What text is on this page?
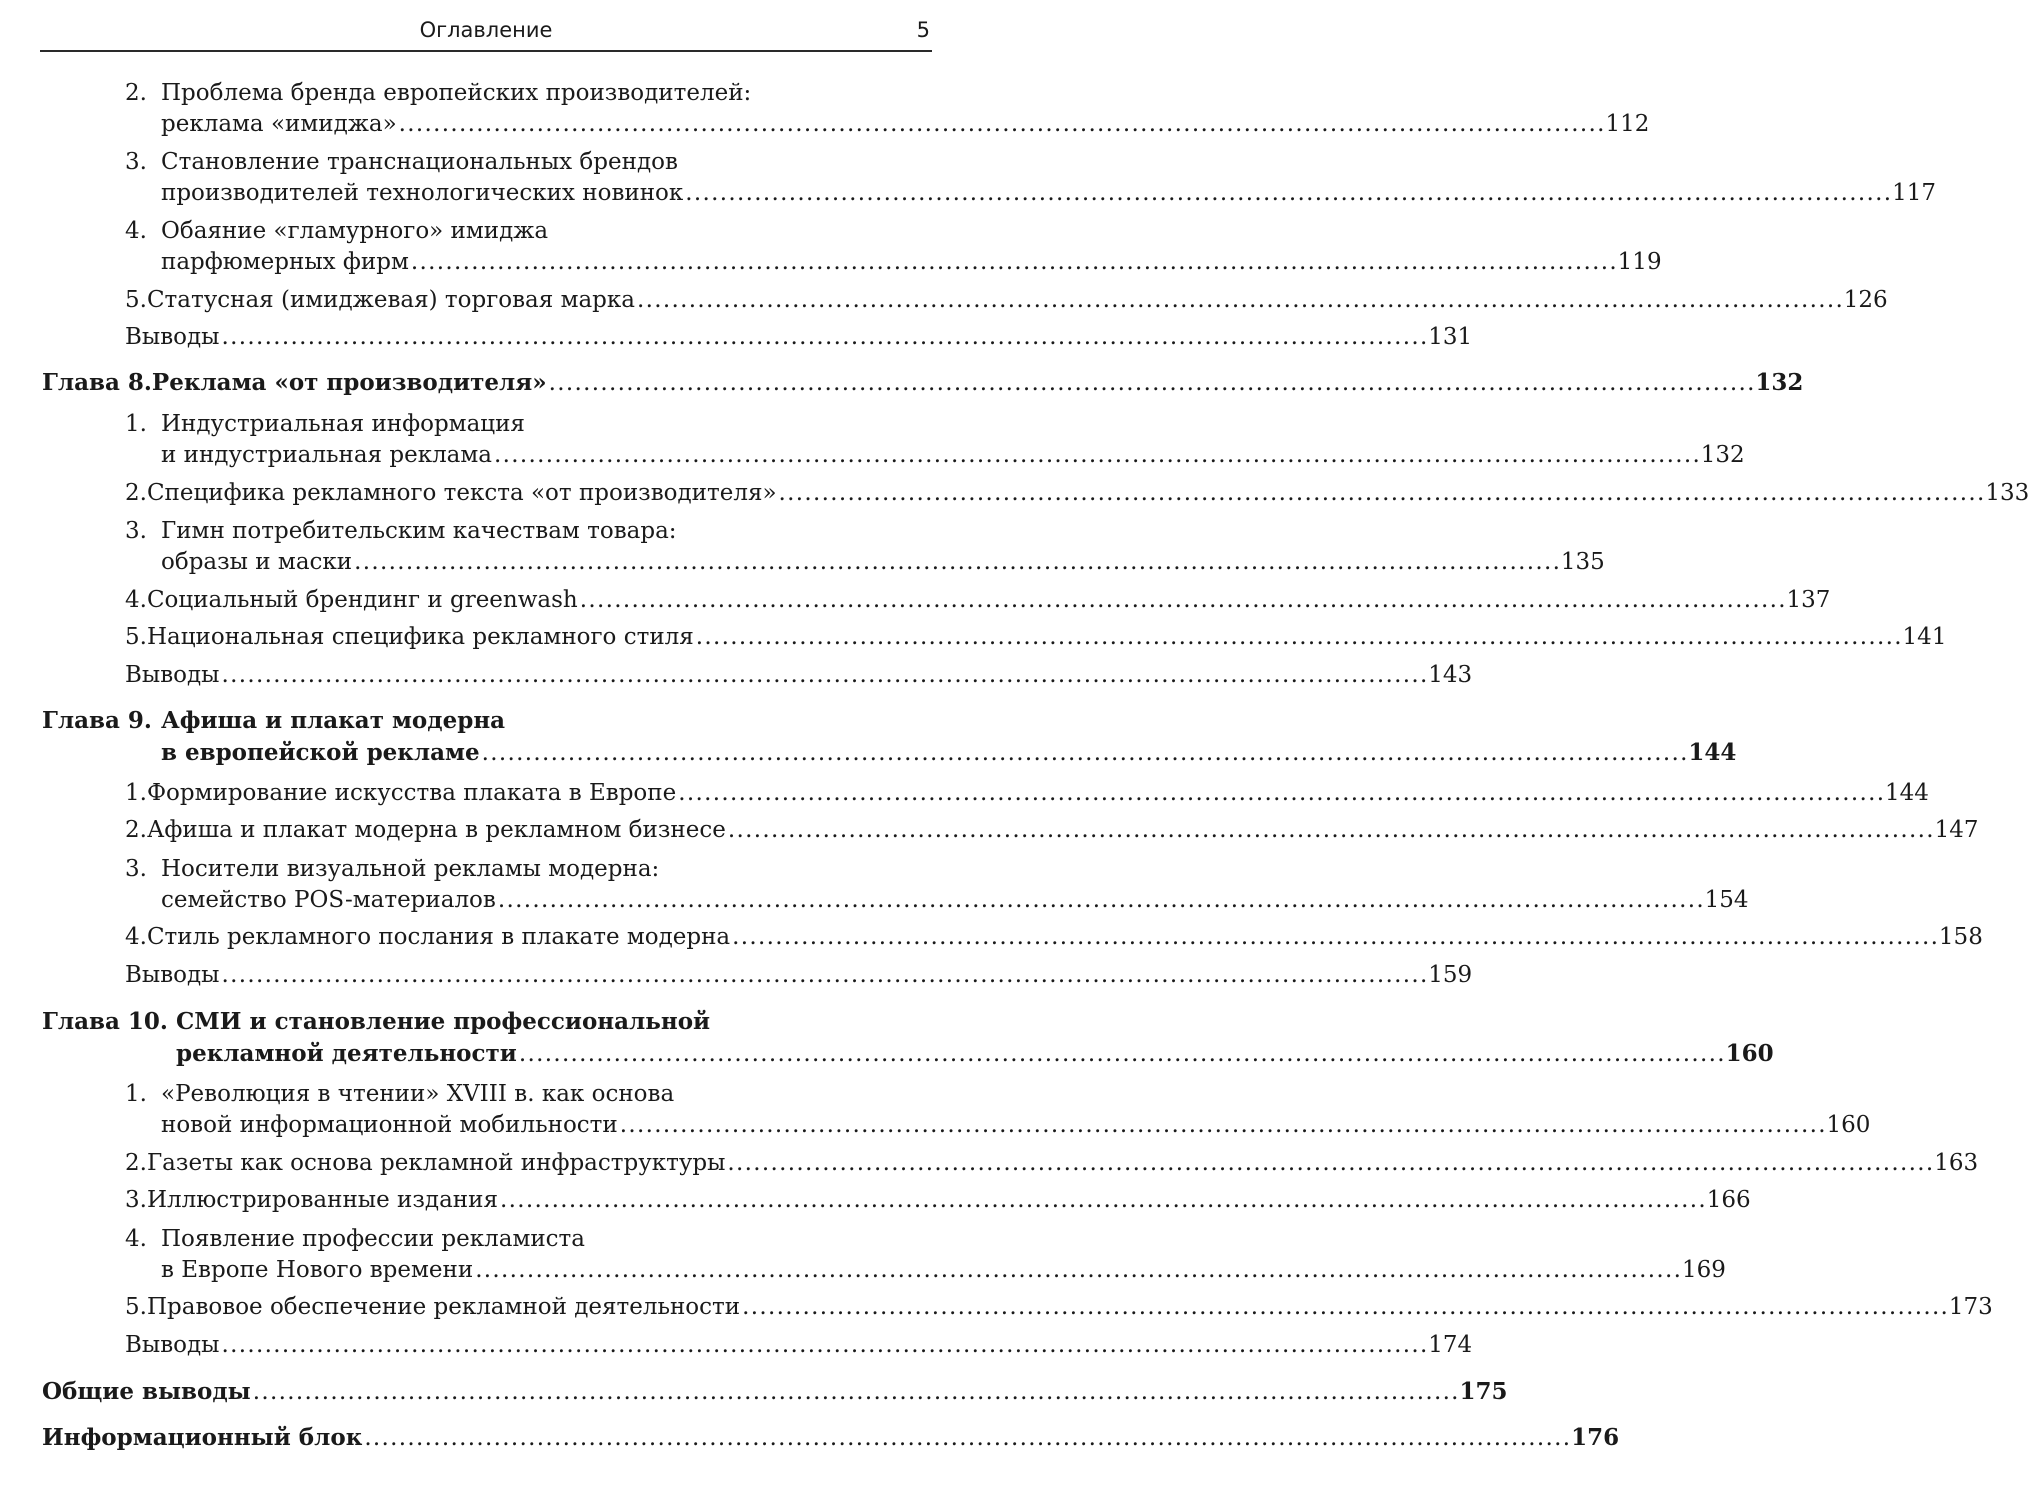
Оглавление	5
2. Проблема бренда европейских производителей:
реклама «имиджа» . . .	112
3. Становление транснациональных брендов
производителей технологических новинок . . .	117
4. Обаяние «гламурного» имиджа
парфюмерных фирм . . .	119
5. Статусная (имиджевая) торговая марка . . .	126
Выводы . . .	131
Глава 8. Реклама «от производителя» . . .	132
1. Индустриальная информация
и индустриальная реклама . . .	132
2. Специфика рекламного текста «от производителя» . . .	133
3. Гимн потребительским качествам товара:
образы и маски . . .	135
4. Социальный брендинг и greenwash . . .	137
5. Национальная специфика рекламного стиля . . .	141
Выводы . . .	143
Глава 9. Афиша и плакат модерна
в европейской рекламе . . .	144
1. Формирование искусства плаката в Европе . . .	144
2. Афиша и плакат модерна в рекламном бизнесе . . .	147
3. Носители визуальной рекламы модерна:
семейство POS-материалов . . .	154
4. Стиль рекламного послания в плакате модерна . . .	158
Выводы . . .	159
Глава 10. СМИ и становление профессиональной
рекламной деятельности . . .	160
1. «Революция в чтении» XVIII в. как основа
новой информационной мобильности . . .	160
2. Газеты как основа рекламной инфраструктуры . . .	163
3. Иллюстрированные издания . . .	166
4. Появление профессии рекламиста
в Европе Нового времени . . .	169
5. Правовое обеспечение рекламной деятельности . . .	173
Выводы . . .	174
Общие выводы . . .	175
Информационный блок . . .	176
